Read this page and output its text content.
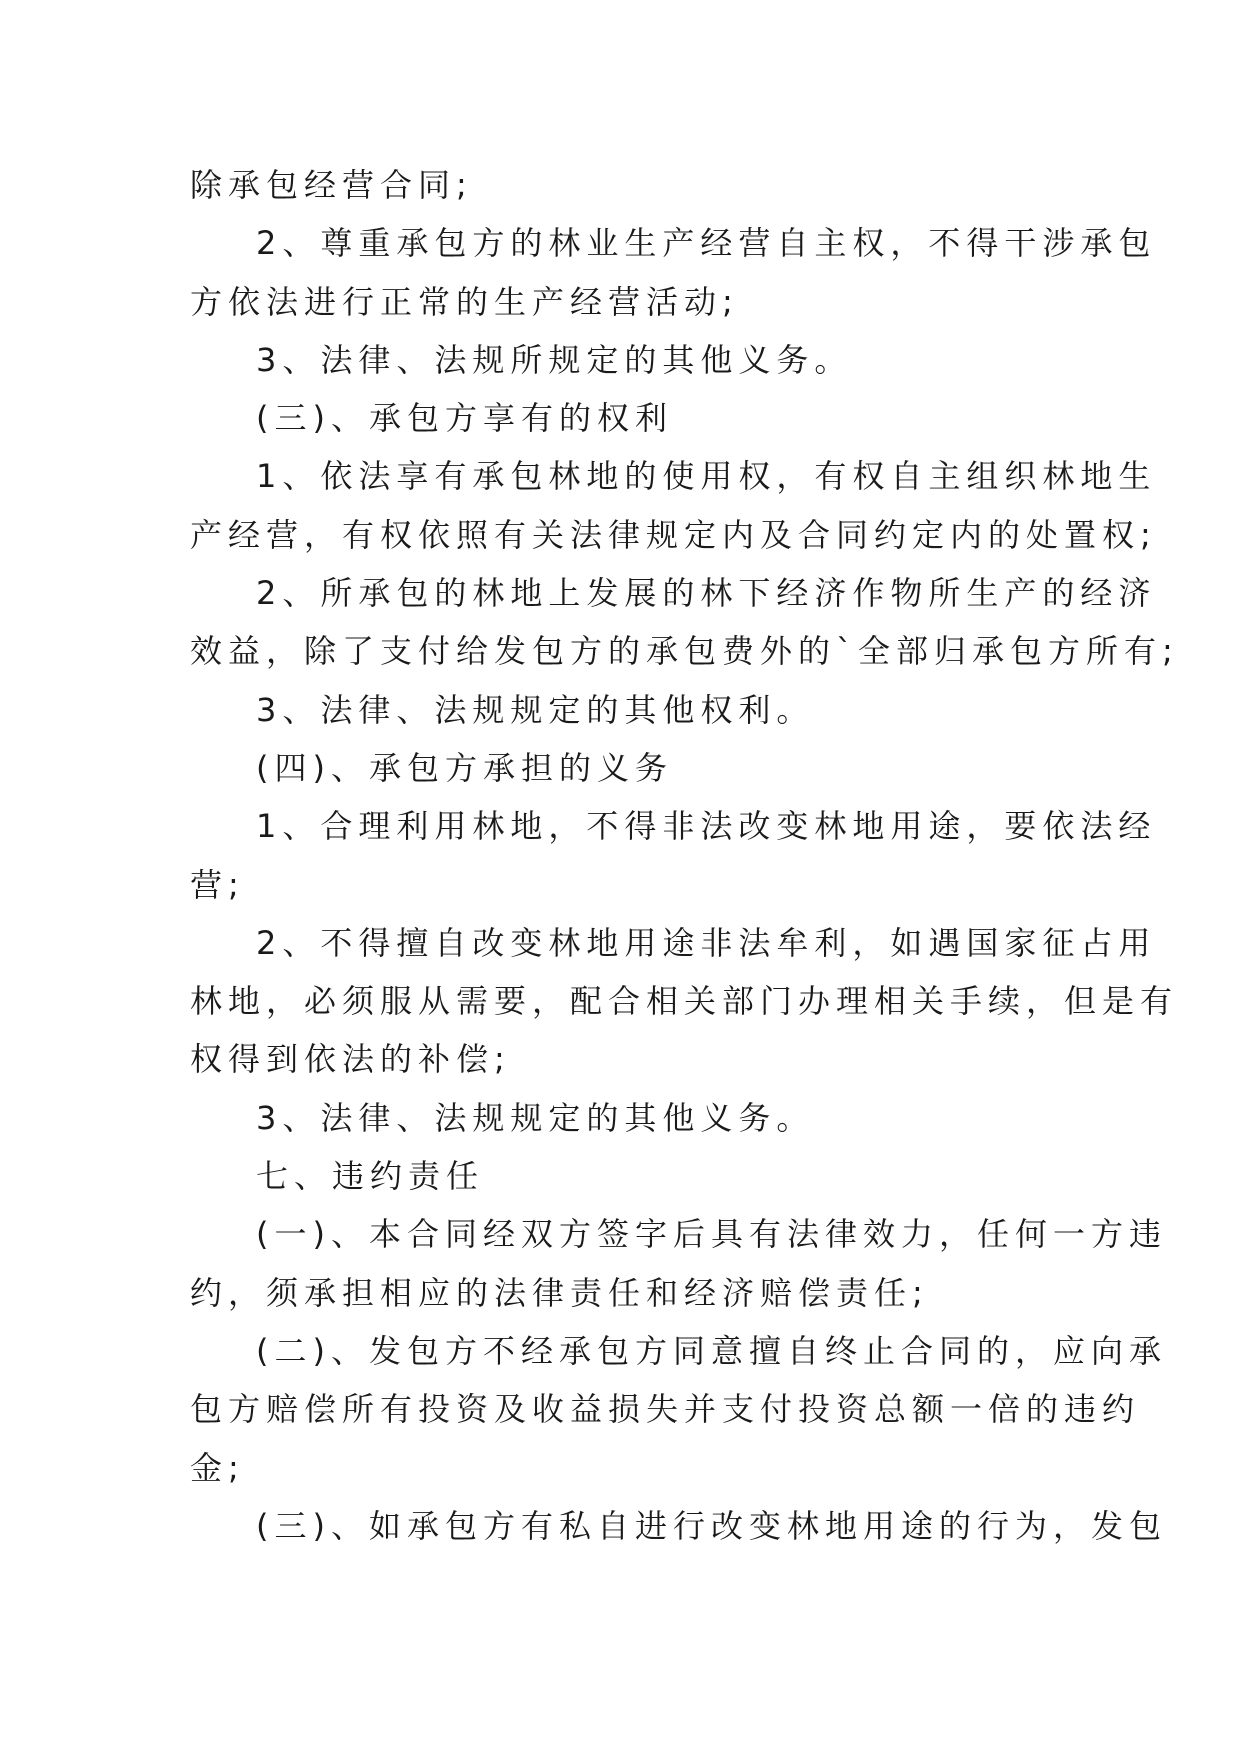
除承包经营合同;
2、尊重承包方的林业生产经营自主权，不得干涉承包
方依法进行正常的生产经营活动;
3、法律、法规所规定的其他义务。
(三)、承包方享有的权利
1、依法享有承包林地的使用权，有权自主组织林地生
产经营，有权依照有关法律规定内及合同约定内的处置权;
2、所承包的林地上发展的林下经济作物所生产的经济
效益，除了支付给发包方的承包费外的`全部归承包方所有;
3、法律、法规规定的其他权利。
(四)、承包方承担的义务
1、合理利用林地，不得非法改变林地用途，要依法经
营;
2、不得擅自改变林地用途非法牟利，如遇国家征占用
林地，必须服从需要，配合相关部门办理相关手续，但是有
权得到依法的补偿;
3、法律、法规规定的其他义务。
七、违约责任
(一)、本合同经双方签字后具有法律效力，任何一方违
约，须承担相应的法律责任和经济赔偿责任;
(二)、发包方不经承包方同意擅自终止合同的，应向承
包方赔偿所有投资及收益损失并支付投资总额一倍的违约
金;
(三)、如承包方有私自进行改变林地用途的行为，发包
